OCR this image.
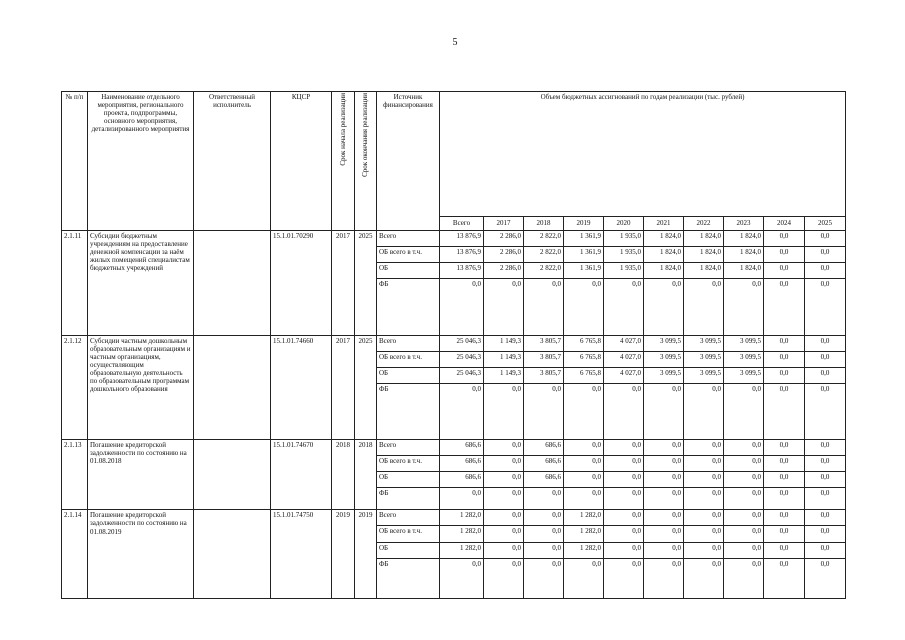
5
№ п/п	Наименование отдельного мероприятия, регионального проекта, подпрограммы, основного мероприятия, детализированного мероприятия	Ответственный исполнитель	КЦСР	Срок начала реализации	Срок окончания реализации	Источник финансирования	Объем бюджетных ассигнований по годам реализации (тыс. рублей)									
							Всего	2017	2018	2019	2020	2021	2022	2023	2024	2025
2.1.11	Субсидии бюджетным учреждениям на предоставление денежной компенсации за наём жилых помещений специалистам бюджетных учреждений		15.1.01.70290	2017	2025	Всего	13 876,9	2 286,0	2 822,0	1 361,9	1 935,0	1 824,0	1 824,0	1 824,0	0,0	0,0
						ОБ всего в т.ч.	13 876,9	2 286,0	2 822,0	1 361,9	1 935,0	1 824,0	1 824,0	1 824,0	0,0	0,0
						ОБ	13 876,9	2 286,0	2 822,0	1 361,9	1 935,0	1 824,0	1 824,0	1 824,0	0,0	0,0
						ФБ	0,0	0,0	0,0	0,0	0,0	0,0	0,0	0,0	0,0	0,0
2.1.12	Субсидии частным дошкольным образовательным организациям и частным организациям, осуществляющим образовательную деятельность по образовательным программам дошкольного образования		15.1.01.74660	2017	2025	Всего	25 046,3	1 149,3	3 805,7	6 765,8	4 027,0	3 099,5	3 099,5	3 099,5	0,0	0,0
						ОБ всего в т.ч.	25 046,3	1 149,3	3 805,7	6 765,8	4 027,0	3 099,5	3 099,5	3 099,5	0,0	0,0
						ОБ	25 046,3	1 149,3	3 805,7	6 765,8	4 027,0	3 099,5	3 099,5	3 099,5	0,0	0,0
						ФБ	0,0	0,0	0,0	0,0	0,0	0,0	0,0	0,0	0,0	0,0
2.1.13	Погашение кредиторской задолженности по состоянию на 01.08.2018		15.1.01.74670	2018	2018	Всего	686,6	0,0	686,6	0,0	0,0	0,0	0,0	0,0	0,0	0,0
						ОБ всего в т.ч.	686,6	0,0	686,6	0,0	0,0	0,0	0,0	0,0	0,0	0,0
						ОБ	686,6	0,0	686,6	0,0	0,0	0,0	0,0	0,0	0,0	0,0
						ФБ	0,0	0,0	0,0	0,0	0,0	0,0	0,0	0,0	0,0	0,0
2.1.14	Погашение кредиторской задолженности по состоянию на 01.08.2019		15.1.01.74750	2019	2019	Всего	1 282,0	0,0	0,0	1 282,0	0,0	0,0	0,0	0,0	0,0	0,0
						ОБ всего в т.ч.	1 282,0	0,0	0,0	1 282,0	0,0	0,0	0,0	0,0	0,0	0,0
						ОБ	1 282,0	0,0	0,0	1 282,0	0,0	0,0	0,0	0,0	0,0	0,0
						ФБ	0,0	0,0	0,0	0,0	0,0	0,0	0,0	0,0	0,0	0,0
